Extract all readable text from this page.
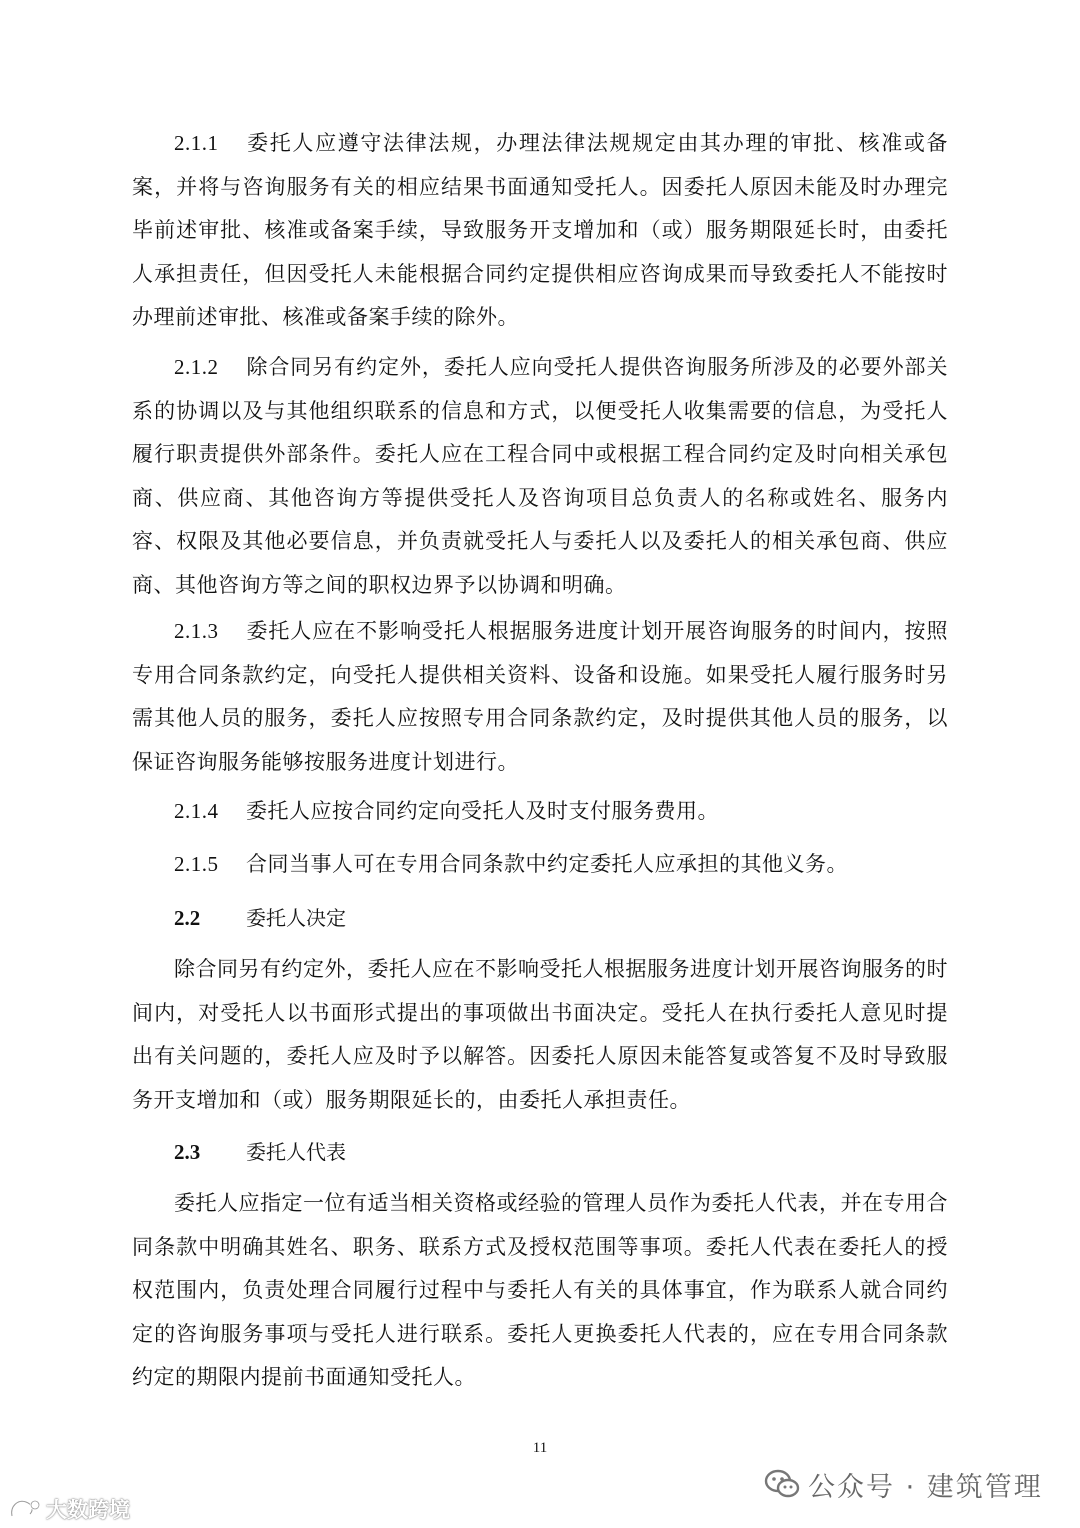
2.1.1 委托人应遵守法律法规，办理法律法规规定由其办理的审批、核准或备案，并将与咨询服务有关的相应结果书面通知受托人。因委托人原因未能及时办理完毕前述审批、核准或备案手续，导致服务开支增加和（或）服务期限延长时，由委托人承担责任，但因受托人未能根据合同约定提供相应咨询成果而导致委托人不能按时办理前述审批、核准或备案手续的除外。

2.1.2 除合同另有约定外，委托人应向受托人提供咨询服务所涉及的必要外部关系的协调以及与其他组织联系的信息和方式，以便受托人收集需要的信息，为受托人履行职责提供外部条件。委托人应在工程合同中或根据工程合同约定及时向相关承包商、供应商、其他咨询方等提供受托人及咨询项目总负责人的名称或姓名、服务内容、权限及其他必要信息，并负责就受托人与委托人以及委托人的相关承包商、供应商、其他咨询方等之间的职权边界予以协调和明确。

2.1.3 委托人应在不影响受托人根据服务进度计划开展咨询服务的时间内，按照专用合同条款约定，向受托人提供相关资料、设备和设施。如果受托人履行服务时另需其他人员的服务，委托人应按照专用合同条款约定，及时提供其他人员的服务，以保证咨询服务能够按服务进度计划进行。

2.1.4 委托人应按合同约定向受托人及时支付服务费用。

2.1.5 合同当事人可在专用合同条款中约定委托人应承担的其他义务。

2.2 委托人决定

除合同另有约定外，委托人应在不影响受托人根据服务进度计划开展咨询服务的时间内，对受托人以书面形式提出的事项做出书面决定。受托人在执行委托人意见时提出有关问题的，委托人应及时予以解答。因委托人原因未能答复或答复不及时导致服务开支增加和（或）服务期限延长的，由委托人承担责任。

2.3 委托人代表

委托人应指定一位有适当相关资格或经验的管理人员作为委托人代表，并在专用合同条款中明确其姓名、职务、联系方式及授权范围等事项。委托人代表在委托人的授权范围内，负责处理合同履行过程中与委托人有关的具体事宜，作为联系人就合同约定的咨询服务事项与受托人进行联系。委托人更换委托人代表的，应在专用合同条款约定的期限内提前书面通知受托人。

11
公众号 · 建筑管理
大数跨境
